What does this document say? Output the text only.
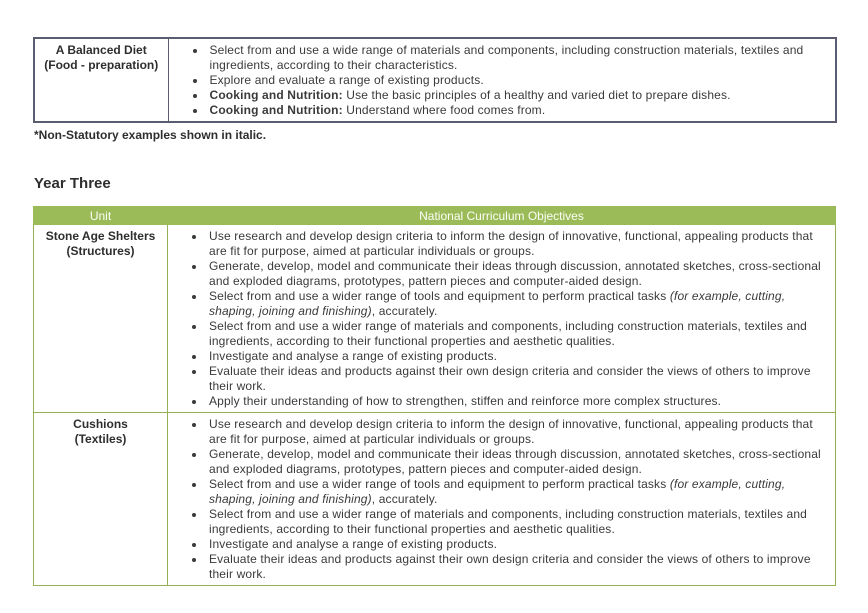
A Balanced Diet
(Food - preparation)

• Select from and use a wide range of materials and components, including construction materials, textiles and ingredients, according to their characteristics.
• Explore and evaluate a range of existing products.
• Cooking and Nutrition: Use the basic principles of a healthy and varied diet to prepare dishes.
• Cooking and Nutrition: Understand where food comes from.
*Non-Statutory examples shown in italic.
Year Three
Unit	National Curriculum Objectives

Stone Age Shelters
(Structures)

• Use research and develop design criteria to inform the design of innovative, functional, appealing products that are fit for purpose, aimed at particular individuals or groups.
• Generate, develop, model and communicate their ideas through discussion, annotated sketches, cross-sectional and exploded diagrams, prototypes, pattern pieces and computer-aided design.
• Select from and use a wider range of tools and equipment to perform practical tasks (for example, cutting, shaping, joining and finishing), accurately.
• Select from and use a wider range of materials and components, including construction materials, textiles and ingredients, according to their functional properties and aesthetic qualities.
• Investigate and analyse a range of existing products.
• Evaluate their ideas and products against their own design criteria and consider the views of others to improve their work.
• Apply their understanding of how to strengthen, stiffen and reinforce more complex structures.

Cushions
(Textiles)

• Use research and develop design criteria to inform the design of innovative, functional, appealing products that are fit for purpose, aimed at particular individuals or groups.
• Generate, develop, model and communicate their ideas through discussion, annotated sketches, cross-sectional and exploded diagrams, prototypes, pattern pieces and computer-aided design.
• Select from and use a wider range of tools and equipment to perform practical tasks (for example, cutting, shaping, joining and finishing), accurately.
• Select from and use a wider range of materials and components, including construction materials, textiles and ingredients, according to their functional properties and aesthetic qualities.
• Investigate and analyse a range of existing products.
• Evaluate their ideas and products against their own design criteria and consider the views of others to improve their work.
